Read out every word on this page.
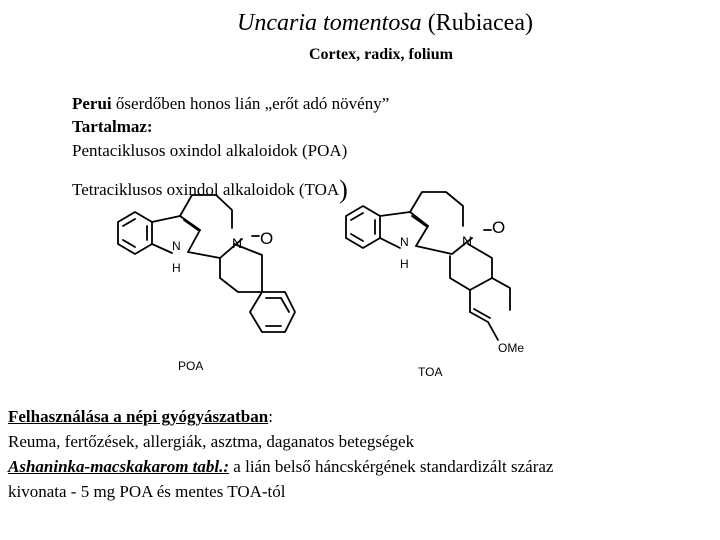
Uncaria tomentosa (Rubiacea)
Cortex, radix, folium
Perui őserdőben honos lián „erőt adó növény”
Tartalmaz:
Pentaciklusos oxindol alkaloidok (POA)
Tetraciklusos oxindol alkaloidok (TOA)
N
H
N O
POA
N
H
N
O
OMe
TOA
Felhasználása a népi gyógyászatban:
Reuma, fertőzések, allergiák, asztma, daganatos betegségek
Ashaninka-macskakarom tabl.: a lián belső háncskérgének standardizált száraz
kivonata - 5 mg POA és mentes TOA-tól
